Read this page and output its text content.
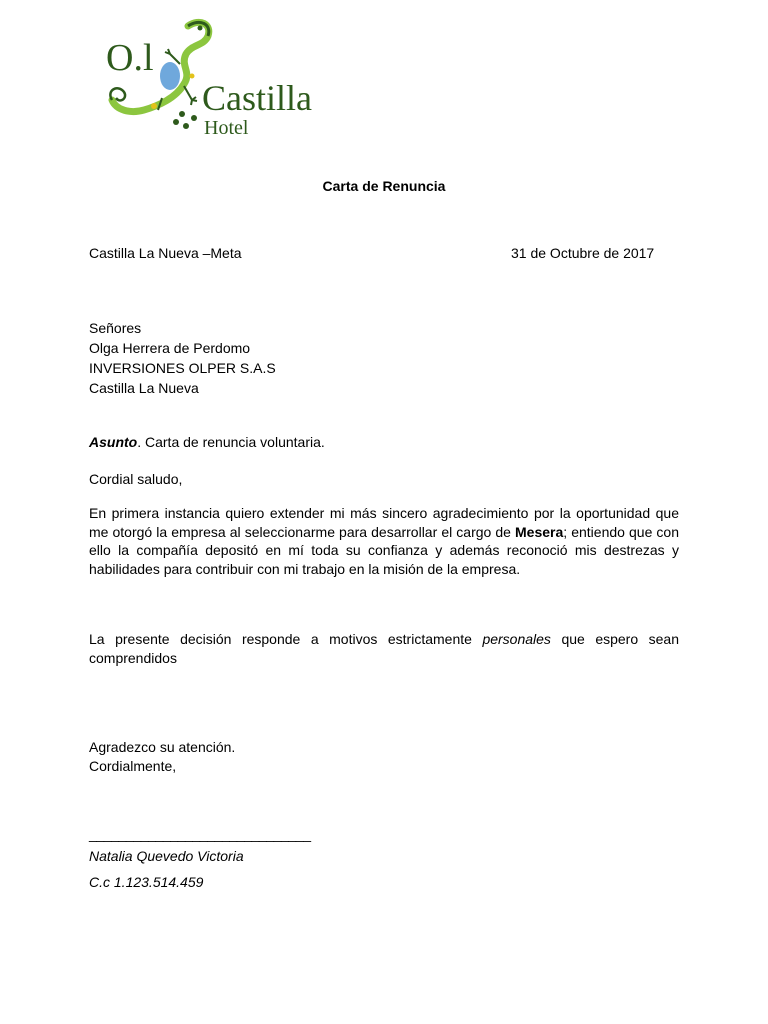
O.l
Castilla
Hotel
Carta de Renuncia
Castilla La Nueva –Meta	31 de Octubre de 2017
Señores
Olga Herrera de Perdomo
INVERSIONES OLPER S.A.S
Castilla La Nueva
Asunto. Carta de renuncia voluntaria.
Cordial saludo,
En primera instancia quiero extender mi más sincero agradecimiento por la oportunidad que me otorgó la empresa al seleccionarme para desarrollar el cargo de Mesera; entiendo que con ello la compañía depositó en mí toda su confianza y además reconoció mis destrezas y habilidades para contribuir con mi trabajo en la misión de la empresa.
La presente decisión responde a motivos estrictamente personales que espero sean comprendidos
Agradezco su atención.
Cordialmente,
______________________________
Natalia Quevedo Victoria
C.c 1.123.514.459
